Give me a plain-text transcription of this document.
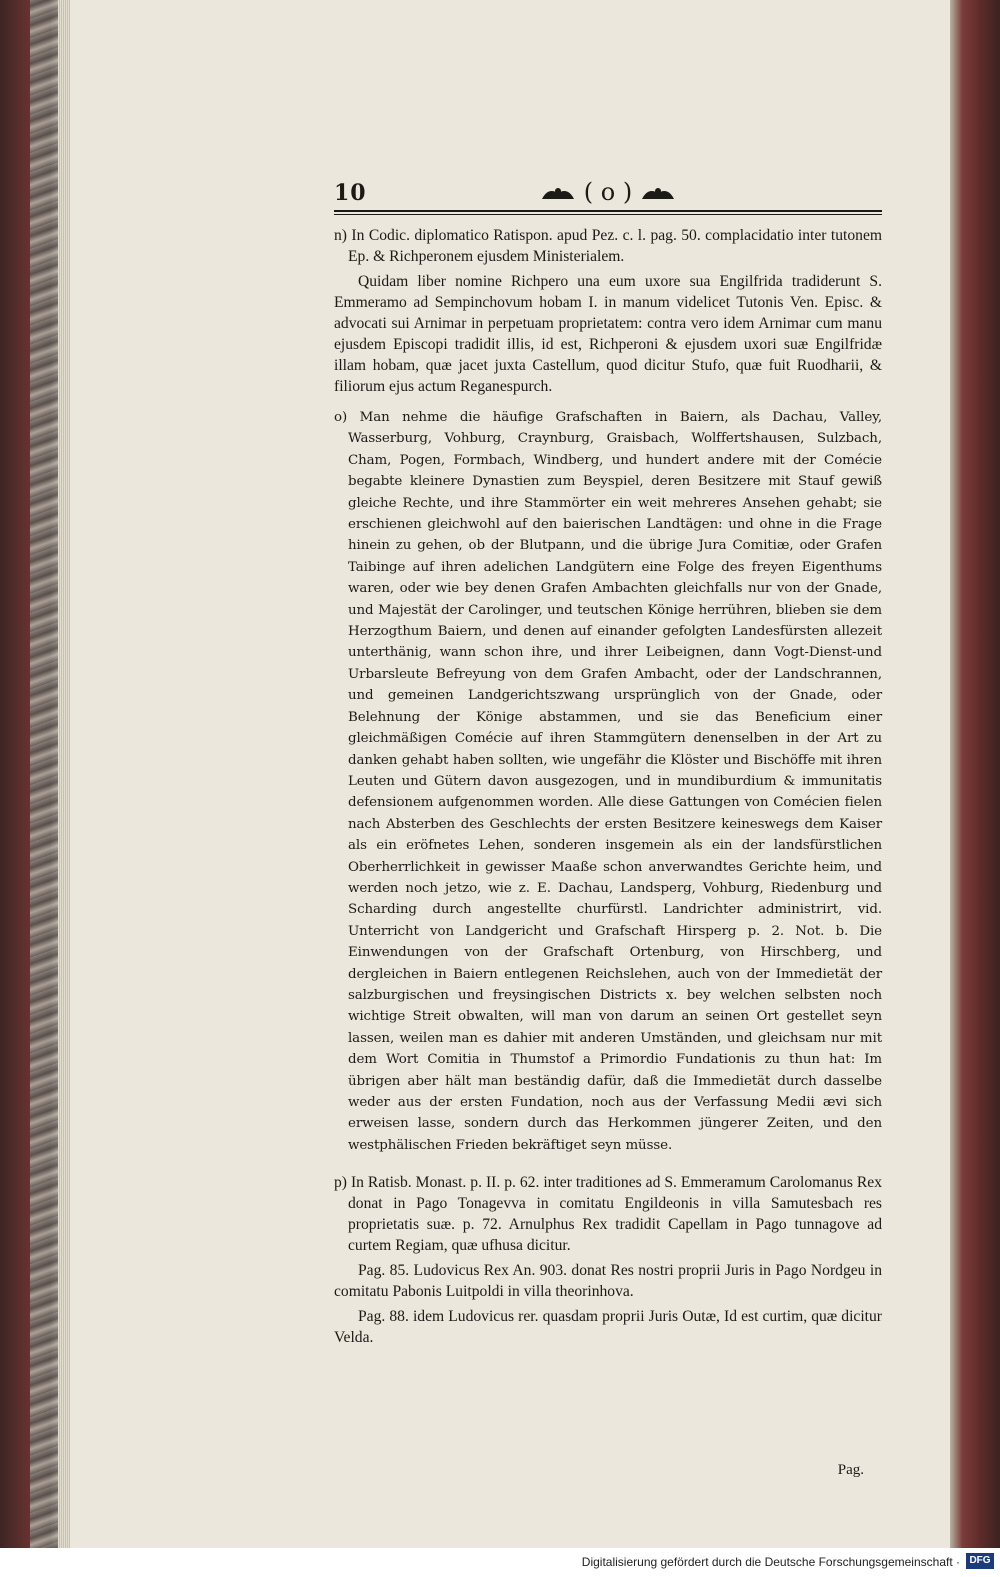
10	( o )

n) In Codic. diplomatico Ratispon. apud Pez. c. l. pag. 50. complacidatio inter tutonem Ep. & Richperonem ejusdem Ministerialem.

Quidam liber nomine Richpero una eum uxore sua Engilfrida tradiderunt S. Emmeramo ad Sempinchovum hobam I. in manum videlicet Tutonis Ven. Episc. & advocati sui Arnimar in perpetuam proprietatem: contra vero idem Arnimar cum manu ejusdem Episcopi tradidit illis, id est, Richperoni & ejusdem uxori suæ Engilfridæ illam hobam, quæ jacet juxta Castellum, quod dicitur Stufo, quæ fuit Ruodharii, & filiorum ejus actum Reganespurch.

o) Man nehme die häufige Grafschaften in Baiern, als Dachau, Valley, Wasserburg, Vohburg, Craynburg, Graisbach, Wolffertshausen, Sulzbach, Cham, Pogen, Formbach, Windberg, und hundert andere mit der Comécie begabte kleinere Dynastien zum Beyspiel, deren Besitzere mit Stauf gewiß gleiche Rechte, und ihre Stammörter ein weit mehreres Ansehen gehabt; sie erschienen gleichwohl auf den baierischen Landtägen: und ohne in die Frage hinein zu gehen, ob der Blutpann, und die übrige Jura Comitiæ, oder Grafen Taibinge auf ihren adelichen Landgütern eine Folge des freyen Eigenthums waren, oder wie bey denen Grafen Ambachten gleichfalls nur von der Gnade, und Majestät der Carolinger, und teutschen Könige herrühren, blieben sie dem Herzogthum Baiern, und denen auf einander gefolgten Landesfürsten allezeit unterthänig, wann schon ihre, und ihrer Leibeignen, dann Vogt-Dienst-und Urbarsleute Befreyung von dem Grafen Ambacht, oder der Landschrannen, und gemeinen Landgerichtszwang ursprünglich von der Gnade, oder Belehnung der Könige abstammen, und sie das Beneficium einer gleichmäßigen Comécie auf ihren Stammgütern denenselben in der Art zu danken gehabt haben sollten, wie ungefähr die Klöster und Bischöffe mit ihren Leuten und Gütern davon ausgezogen, und in mundiburdium & immunitatis defensionem aufgenommen worden. Alle diese Gattungen von Comécien fielen nach Absterben des Geschlechts der ersten Besitzere keineswegs dem Kaiser als ein eröfnetes Lehen, sonderen insgemein als ein der landsfürstlichen Oberherrlichkeit in gewisser Maaße schon anverwandtes Gerichte heim, und werden noch jetzo, wie z. E. Dachau, Landsperg, Vohburg, Riedenburg und Scharding durch angestellte churfürstl. Landrichter administrirt, vid. Unterricht von Landgericht und Grafschaft Hirsperg p. 2. Not. b. Die Einwendungen von der Grafschaft Ortenburg, von Hirschberg, und dergleichen in Baiern entlegenen Reichslehen, auch von der Immedietät der salzburgischen und freysingischen Districts x. bey welchen selbsten noch wichtige Streit obwalten, will man von darum an seinen Ort gestellet seyn lassen, weilen man es dahier mit anderen Umständen, und gleichsam nur mit dem Wort Comitia in Thumstof a Primordio Fundationis zu thun hat: Im übrigen aber hält man beständig dafür, daß die Immedietät durch dasselbe weder aus der ersten Fundation, noch aus der Verfassung Medii ævi sich erweisen lasse, sondern durch das Herkommen jüngerer Zeiten, und den westphälischen Frieden bekräftiget seyn müsse.

p) In Ratisb. Monast. p. II. p. 62. inter traditiones ad S. Emmeramum Carolomanus Rex donat in Pago Tonagevva in comitatu Engildeonis in villa Samutesbach res proprietatis suæ. p. 72. Arnulphus Rex tradidit Capellam in Pago tunnagove ad curtem Regiam, quæ ufhusa dicitur.

Pag. 85. Ludovicus Rex An. 903. donat Res nostri proprii Juris in Pago Nordgeu in comitatu Pabonis Luitpoldi in villa theorinhova.

Pag. 88. idem Ludovicus rer. quasdam proprii Juris Outæ, Id est curtim, quæ dicitur Velda.

Pag.
Digitalisierung gefördert durch die Deutsche Forschungsgemeinschaft · DFG
